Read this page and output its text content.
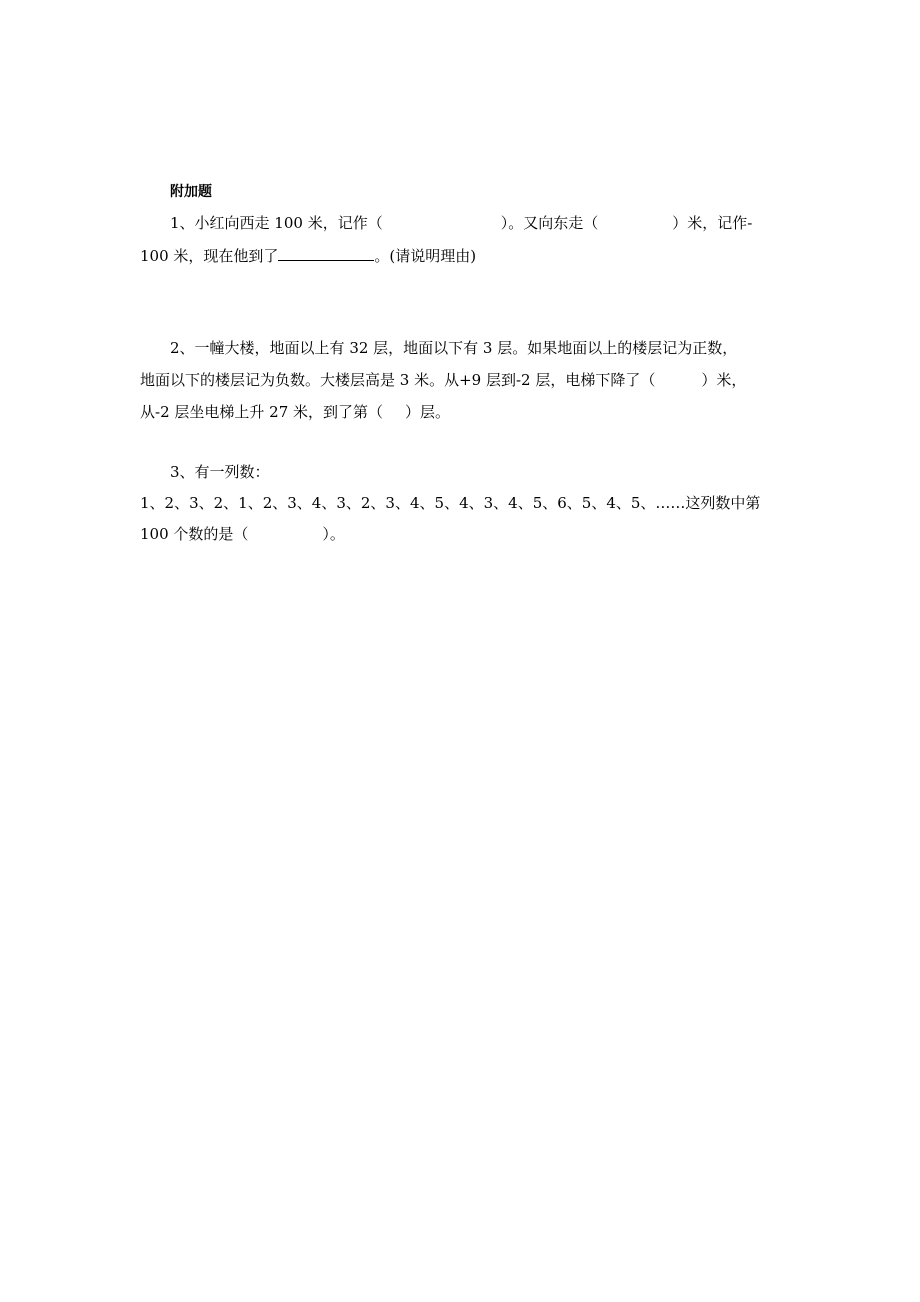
附加题
1、小红向西走 100 米，记作（	）。又向东走（	）米，记作-
100 米，现在他到了	。(请说明理由)
2、一幢大楼，地面以上有 32 层，地面以下有 3 层。如果地面以上的楼层记为正数，
地面以下的楼层记为负数。大楼层高是 3 米。从+9 层到-2 层，电梯下降了（	）米，
从-2 层坐电梯上升 27 米，到了第（ ）层。
3、有一列数：
1、2、3、2、1、2、3、4、3、2、3、4、5、4、3、4、5、6、5、4、5、……这列数中第
100 个数的是（	）。
